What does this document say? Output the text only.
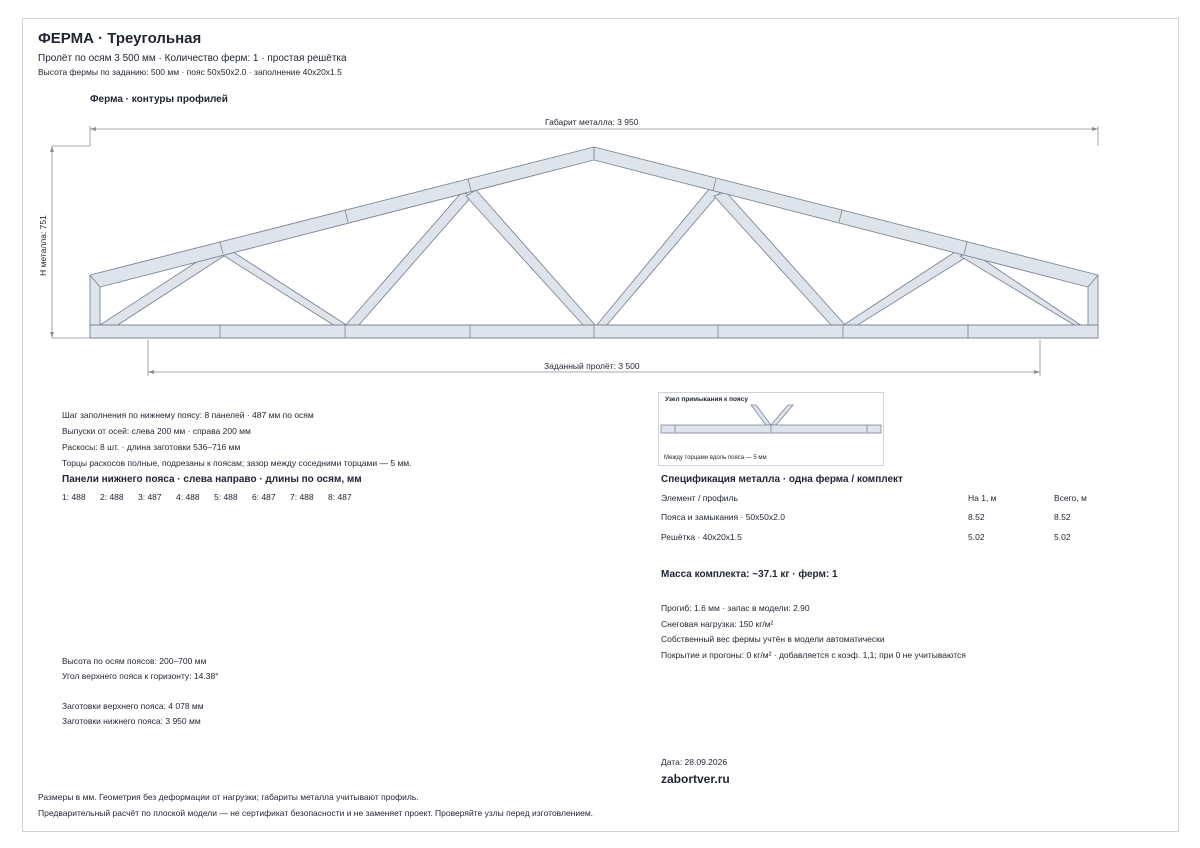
ФЕРМА · Треугольная
Пролёт по осям 3 500 мм · Количество ферм: 1 · простая решётка
Высота фермы по заданию: 500 мм · пояс 50x50x2.0 · заполнение 40x20x1.5
Ферма · контуры профилей
Габарит металла: 3 950
Заданный пролёт: 3 500
Н металла: 751
Узел примыкания к поясу
Между торцами вдоль пояса — 5 мм
Шаг заполнения по нижнему поясу: 8 панелей · 487 мм по осям
Выпуски от осей: слева 200 мм · справа 200 мм
Раскосы: 8 шт. · длина заготовки 536–716 мм
Торцы раскосов полные, подрезаны к поясам; зазор между соседними торцами — 5 мм.
Панели нижнего пояса · слева направо · длины по осям, мм
1: 488 2: 488 3: 487 4: 488 5: 488 6: 487 7: 488 8: 487
Высота по осям поясов: 200–700 мм
Угол верхнего пояса к горизонту: 14.38°
Заготовки верхнего пояса: 4 078 мм
Заготовки нижнего пояса: 3 950 мм
Спецификация металла · одна ферма / комплект
Элемент / профиль	На 1, м	Всего, м
Пояса и замыкания · 50x50x2.0	8.52	8.52
Решётка · 40x20x1.5	5.02	5.02
Масса комплекта: ~37.1 кг · ферм: 1
Прогиб: 1.6 мм · запас в модели: 2.90
Снеговая нагрузка: 150 кг/м²
Собственный вес фермы учтён в модели автоматически
Покрытие и прогоны: 0 кг/м² · добавляется с коэф. 1,1; при 0 не учитываются
Дата: 28.09.2026
zabortver.ru
Размеры в мм. Геометрия без деформации от нагрузки; габариты металла учитывают профиль.
Предварительный расчёт по плоской модели — не сертификат безопасности и не заменяет проект. Проверяйте узлы перед изготовлением.
